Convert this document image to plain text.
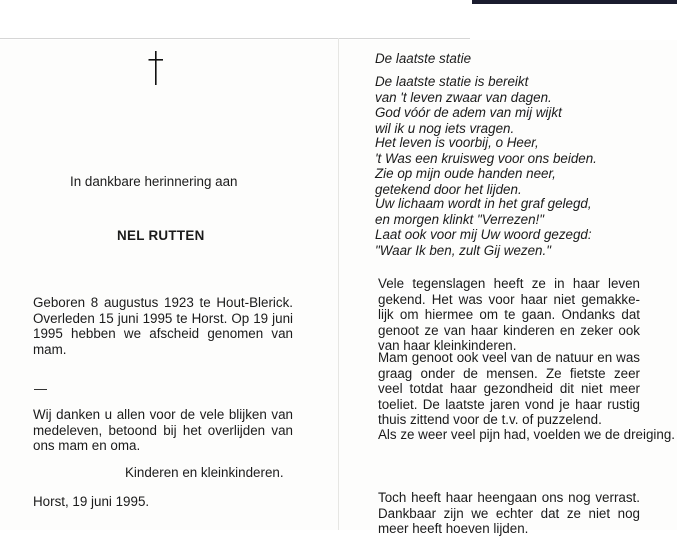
In dankbare herinnering aan

NEL RUTTEN

Geboren 8 augustus 1923 te Hout-Blerick. Overleden 15 juni 1995 te Horst. Op 19 juni 1995 hebben we afscheid genomen van mam.

Wij danken u allen voor de vele blijken van medeleven, betoond bij het overlijden van ons mam en oma.

Kinderen en kleinkinderen.

Horst, 19 juni 1995.

De laatste statie

De laatste statie is bereikt
van 't leven zwaar van dagen.
God vóór de adem van mij wijkt
wil ik u nog iets vragen.
Het leven is voorbij, o Heer,
't Was een kruisweg voor ons beiden.
Zie op mijn oude handen neer,
getekend door het lijden.
Uw lichaam wordt in het graf gelegd,
en morgen klinkt "Verrezen!"
Laat ook voor mij Uw woord gezegd:
"Waar Ik ben, zult Gij wezen."

Vele tegenslagen heeft ze in haar leven gekend. Het was voor haar niet gemakke-lijk om hiermee om te gaan. Ondanks dat genoot ze van haar kinderen en zeker ook van haar kleinkinderen.

Mam genoot ook veel van de natuur en was graag onder de mensen. Ze fietste zeer veel totdat haar gezondheid dit niet meer toeliet. De laatste jaren vond je haar rustig thuis zittend voor de t.v. of puzzelend.

Als ze weer veel pijn had, voelden we de dreiging.

Toch heeft haar heengaan ons nog verrast. Dankbaar zijn we echter dat ze niet nog meer heeft hoeven lijden.
